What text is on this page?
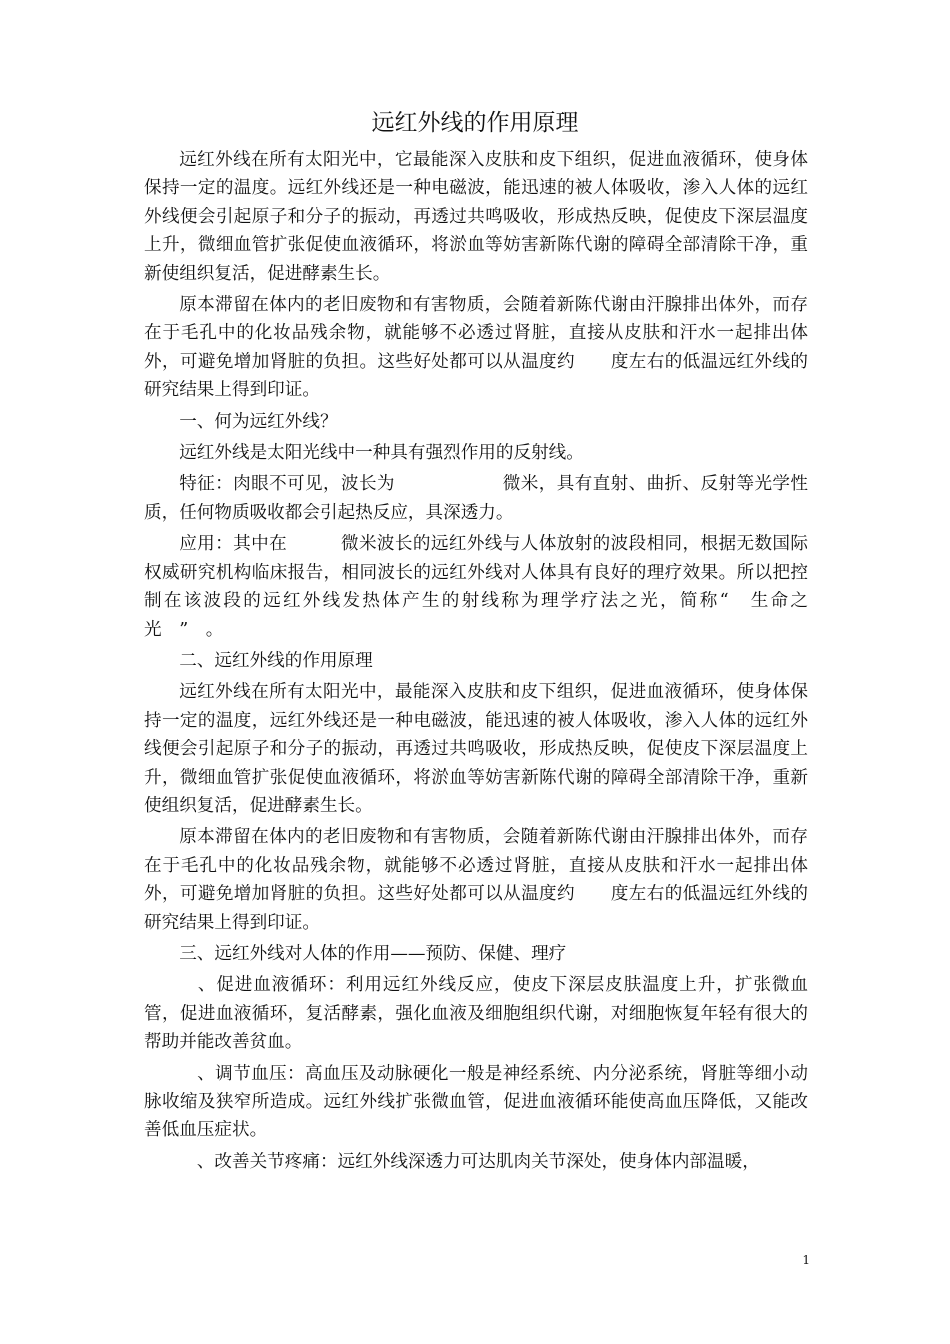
远红外线的作用原理

远红外线在所有太阳光中，它最能深入皮肤和皮下组织，促进血液循环，使身体保持一定的温度。远红外线还是一种电磁波，能迅速的被人体吸收，渗入人体的远红外线便会引起原子和分子的振动，再透过共鸣吸收，形成热反映，促使皮下深层温度上升，微细血管扩张促使血液循环，将淤血等妨害新陈代谢的障碍全部清除干净，重新使组织复活，促进酵素生长。

原本滞留在体内的老旧废物和有害物质，会随着新陈代谢由汗腺排出体外，而存在于毛孔中的化妆品残余物，就能够不必透过肾脏，直接从皮肤和汗水一起排出体外，可避免增加肾脏的负担。这些好处都可以从温度约　　度左右的低温远红外线的研究结果上得到印证。

一、何为远红外线？

远红外线是太阳光线中一种具有强烈作用的反射线。

特征：肉眼不可见，波长为　　　　　　微米，具有直射、曲折、反射等光学性质，任何物质吸收都会引起热反应，具深透力。

应用：其中在　　　微米波长的远红外线与人体放射的波段相同，根据无数国际权威研究机构临床报告，相同波长的远红外线对人体具有良好的理疗效果。所以把控制在该波段的远红外线发热体产生的射线称为理学疗法之光，简称“　生命之光　”　。

二、远红外线的作用原理

远红外线在所有太阳光中，最能深入皮肤和皮下组织，促进血液循环，使身体保持一定的温度，远红外线还是一种电磁波，能迅速的被人体吸收，渗入人体的远红外线便会引起原子和分子的振动，再透过共鸣吸收，形成热反映，促使皮下深层温度上升，微细血管扩张促使血液循环，将淤血等妨害新陈代谢的障碍全部清除干净，重新使组织复活，促进酵素生长。

原本滞留在体内的老旧废物和有害物质，会随着新陈代谢由汗腺排出体外，而存在于毛孔中的化妆品残余物，就能够不必透过肾脏，直接从皮肤和汗水一起排出体外，可避免增加肾脏的负担。这些好处都可以从温度约　　度左右的低温远红外线的研究结果上得到印证。

三、远红外线对人体的作用——预防、保健、理疗

　、促进血液循环：利用远红外线反应，使皮下深层皮肤温度上升，扩张微血管，促进血液循环，复活酵素，强化血液及细胞组织代谢，对细胞恢复年轻有很大的帮助并能改善贫血。

　、调节血压：高血压及动脉硬化一般是神经系统、内分泌系统，肾脏等细小动脉收缩及狭窄所造成。远红外线扩张微血管，促进血液循环能使高血压降低，又能改善低血压症状。

　、改善关节疼痛：远红外线深透力可达肌肉关节深处，使身体内部温暖，

1
